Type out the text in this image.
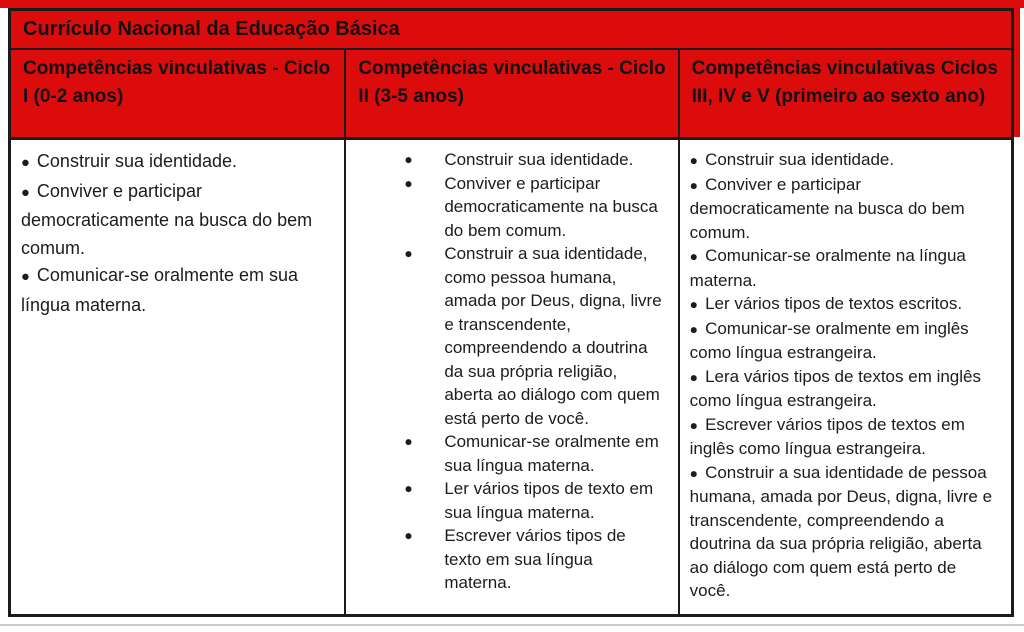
Currículo Nacional da Educação Básica
Competências vinculativas - Ciclo I (0-2 anos)
Competências vinculativas - Ciclo II (3-5 anos)
Competências vinculativas Ciclos III, IV e V (primeiro ao sexto ano)

● Construir sua identidade.

● Conviver e participar democraticamente na busca do bem comum.

● Comunicar-se oralmente em sua língua materna.

● Construir sua identidade.

● Conviver e participar democraticamente na busca do bem comum.

● Construir a sua identidade, como pessoa humana, amada por Deus, digna, livre e transcendente, compreendendo a doutrina da sua própria religião, aberta ao diálogo com quem está perto de você.

● Comunicar-se oralmente em sua língua materna.

● Ler vários tipos de texto em sua língua materna.

● Escrever vários tipos de texto em sua língua materna.

● Construir sua identidade.

● Conviver e participar democraticamente na busca do bem comum.

● Comunicar-se oralmente na língua materna.

● Ler vários tipos de textos escritos.

● Comunicar-se oralmente em inglês como língua estrangeira.

● Lera vários tipos de textos em inglês como língua estrangeira.

● Escrever vários tipos de textos em inglês como língua estrangeira.

● Construir a sua identidade de pessoa humana, amada por Deus, digna, livre e transcendente, compreendendo a doutrina da sua própria religião, aberta ao diálogo com quem está perto de você.
